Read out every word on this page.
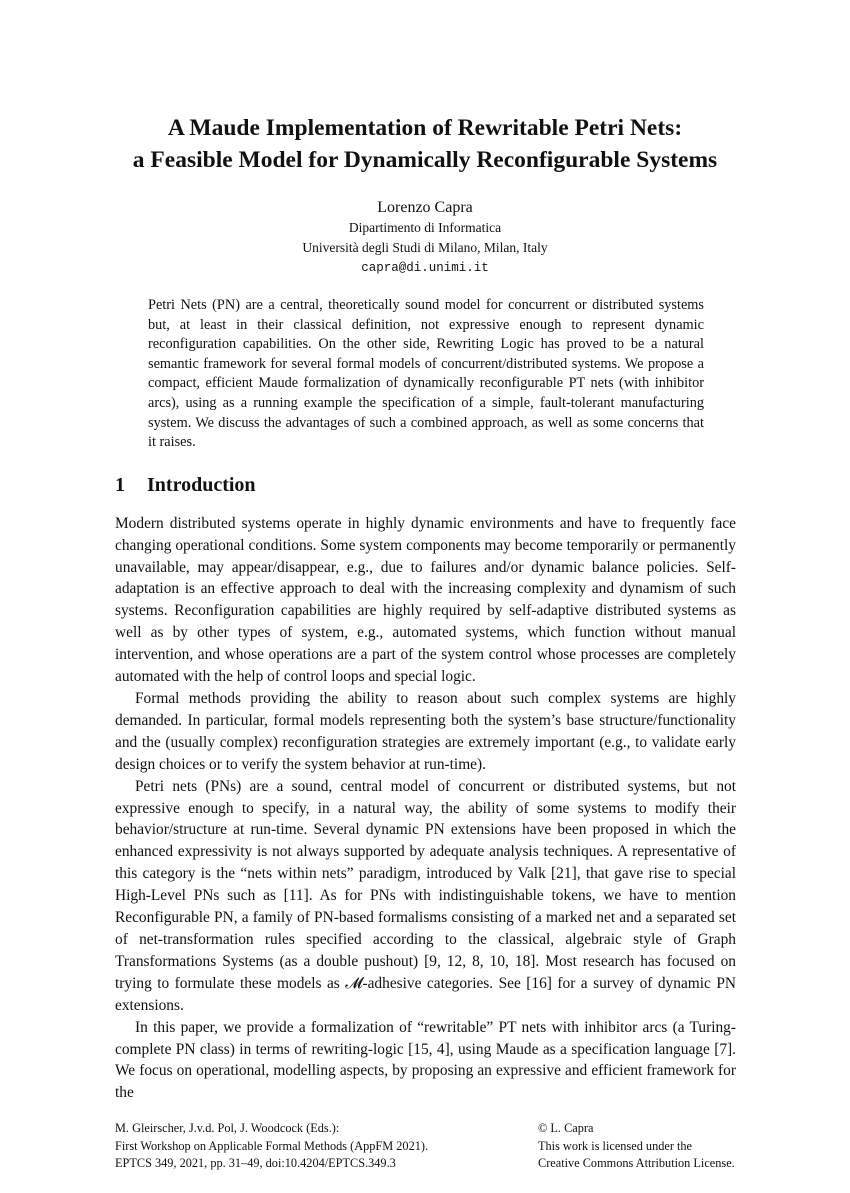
A Maude Implementation of Rewritable Petri Nets:
a Feasible Model for Dynamically Reconfigurable Systems
Lorenzo Capra
Dipartimento di Informatica
Università degli Studi di Milano, Milan, Italy
capra@di.unimi.it
Petri Nets (PN) are a central, theoretically sound model for concurrent or distributed systems but, at least in their classical definition, not expressive enough to represent dynamic reconfiguration capabilities. On the other side, Rewriting Logic has proved to be a natural semantic framework for several formal models of concurrent/distributed systems. We propose a compact, efficient Maude formalization of dynamically reconfigurable PT nets (with inhibitor arcs), using as a running example the specification of a simple, fault-tolerant manufacturing system. We discuss the advantages of such a combined approach, as well as some concerns that it raises.
1 Introduction

Modern distributed systems operate in highly dynamic environments and have to frequently face changing operational conditions. Some system components may become temporarily or permanently unavailable, may appear/disappear, e.g., due to failures and/or dynamic balance policies. Self-adaptation is an effective approach to deal with the increasing complexity and dynamism of such systems. Reconfiguration capabilities are highly required by self-adaptive distributed systems as well as by other types of system, e.g., automated systems, which function without manual intervention, and whose operations are a part of the system control whose processes are completely automated with the help of control loops and special logic.

Formal methods providing the ability to reason about such complex systems are highly demanded. In particular, formal models representing both the system’s base structure/functionality and the (usually complex) reconfiguration strategies are extremely important (e.g., to validate early design choices or to verify the system behavior at run-time).

Petri nets (PNs) are a sound, central model of concurrent or distributed systems, but not expressive enough to specify, in a natural way, the ability of some systems to modify their behavior/structure at run-time. Several dynamic PN extensions have been proposed in which the enhanced expressivity is not always supported by adequate analysis techniques. A representative of this category is the “nets within nets” paradigm, introduced by Valk [21], that gave rise to special High-Level PNs such as [11]. As for PNs with indistinguishable tokens, we have to mention Reconfigurable PN, a family of PN-based formalisms consisting of a marked net and a separated set of net-transformation rules specified according to the classical, algebraic style of Graph Transformations Systems (as a double pushout) [9, 12, 8, 10, 18]. Most research has focused on trying to formulate these models as 𝓜-adhesive categories. See [16] for a survey of dynamic PN extensions.

In this paper, we provide a formalization of “rewritable” PT nets with inhibitor arcs (a Turing-complete PN class) in terms of rewriting-logic [15, 4], using Maude as a specification language [7]. We focus on operational, modelling aspects, by proposing an expressive and efficient framework for the

M. Gleirscher, J.v.d. Pol, J. Woodcock (Eds.):
First Workshop on Applicable Formal Methods (AppFM 2021).
EPTCS 349, 2021, pp. 31–49, doi:10.4204/EPTCS.349.3
© L. Capra
This work is licensed under the
Creative Commons Attribution License.
